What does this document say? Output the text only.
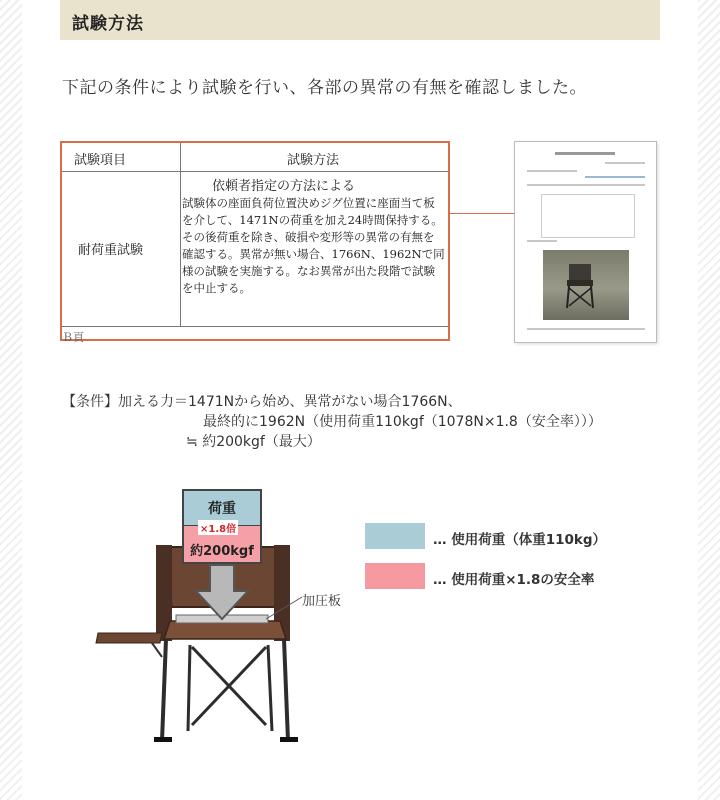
試験方法
下記の条件により試験を行い、各部の異常の有無を確認しました。
試験項目	試験方法
耐荷重試験
依頼者指定の方法による
試験体の座面負荷位置決めジグ位置に座面当て板を介して、1471Nの荷重を加え24時間保持する。その後荷重を除き、破損や変形等の異常の有無を確認する。異常が無い場合、1766N、1962Nで同様の試験を実施する。なお異常が出た段階で試験を中止する。
Ｂ頁
【条件】加える力＝1471Nから始め、異常がない場合1766N、
最終的に1962N（使用荷重110kgf（1078N×1.8（安全率）））
≒ 約200kgf（最大）
荷重
約200kgf
×1.8倍
加圧板
… 使用荷重（体重110kg）
… 使用荷重×1.8の安全率
